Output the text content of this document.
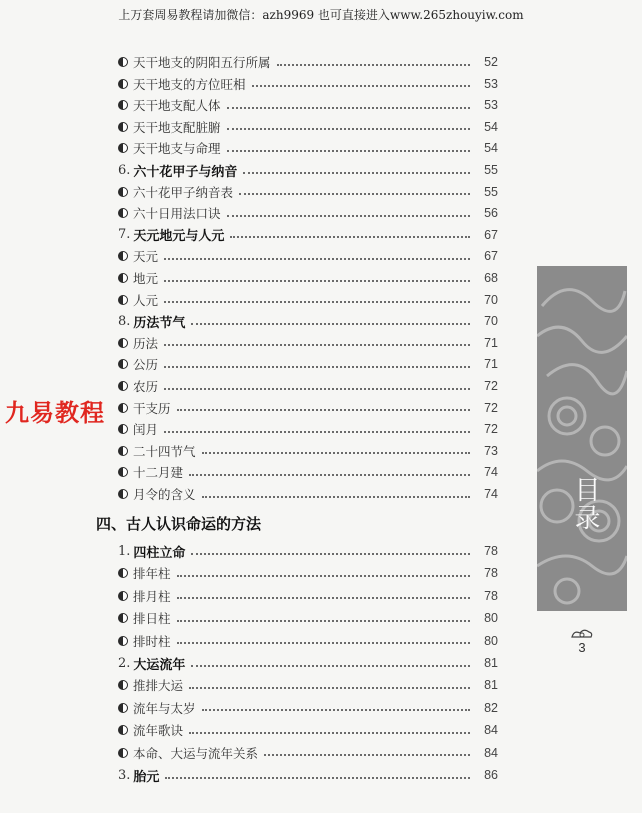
上万套周易教程请加微信：azh9969 也可直接进入www.265zhouyiw.com
天干地支的阴阳五行所属	52
天干地支的方位旺相	53
天干地支配人体	53
天干地支配脏腑	54
天干地支与命理	54
6. 六十花甲子与纳音	55
六十花甲子纳音表	55
六十日用法口诀	56
7. 天元地元与人元	67
天元	67
地元	68
人元	70
8. 历法节气	70
历法	71
公历	71
农历	72
干支历	72
闰月	72
二十四节气	73
十二月建	74
月令的含义	74
1. 四柱立命	78
排年柱	78
排月柱	78
排日柱	80
排时柱	80
2. 大运流年	81
推排大运	81
流年与太岁	82
流年歌诀	84
本命、大运与流年关系	84
3. 胎元	86
四、古人认识命运的方法
九易教程
目录
3
